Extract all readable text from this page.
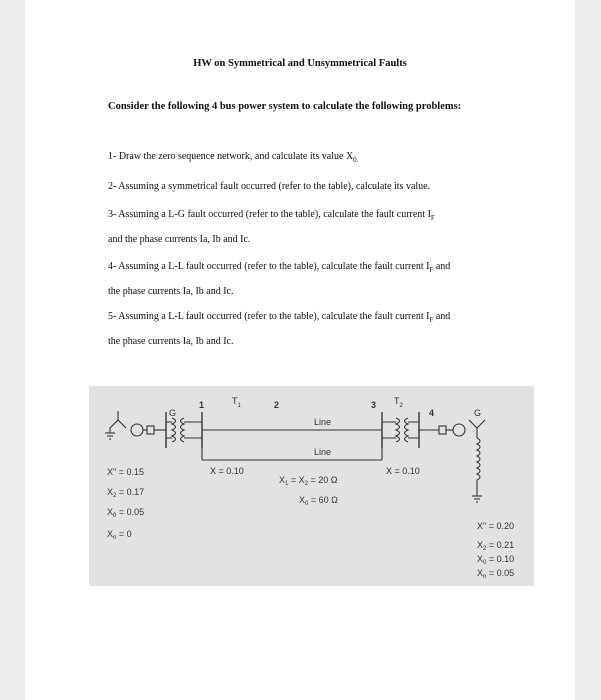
HW on Symmetrical and Unsymmetrical Faults
Consider the following 4 bus power system to calculate the following problems:
1- Draw the zero sequence network, and calculate its value $X_{0.}$
2- Assuming a symmetrical fault occurred (refer to the table), calculate its value.
3- Assuming a L-G fault occurred (refer to the table), calculate the fault current $I_F$
and the phase currents Ia, Ib and Ic.
4- Assuming a L-L fault occurred (refer to the table), calculate the fault current $I_F$ and
the phase currents Ia, Ib and Ic.
5- Assuming a L-L fault occurred (refer to the table), calculate the fault current $I_F$ and
the phase currents Ia, Ib and Ic.
G	G
1	2	3
4
$T_1$	$T_2$
Line
Line
X" = 0.15
$X_2 = 0.17$
$X_0 = 0.05$
$X_n = 0$
X = 0.10	X = 0.10
$X_1 = X_2 = 20$ Ω
$X_0 = 60$ Ω
X" = 0.20
$X_2 = 0.21$
$X_0 = 0.10$
$X_n = 0.05$
